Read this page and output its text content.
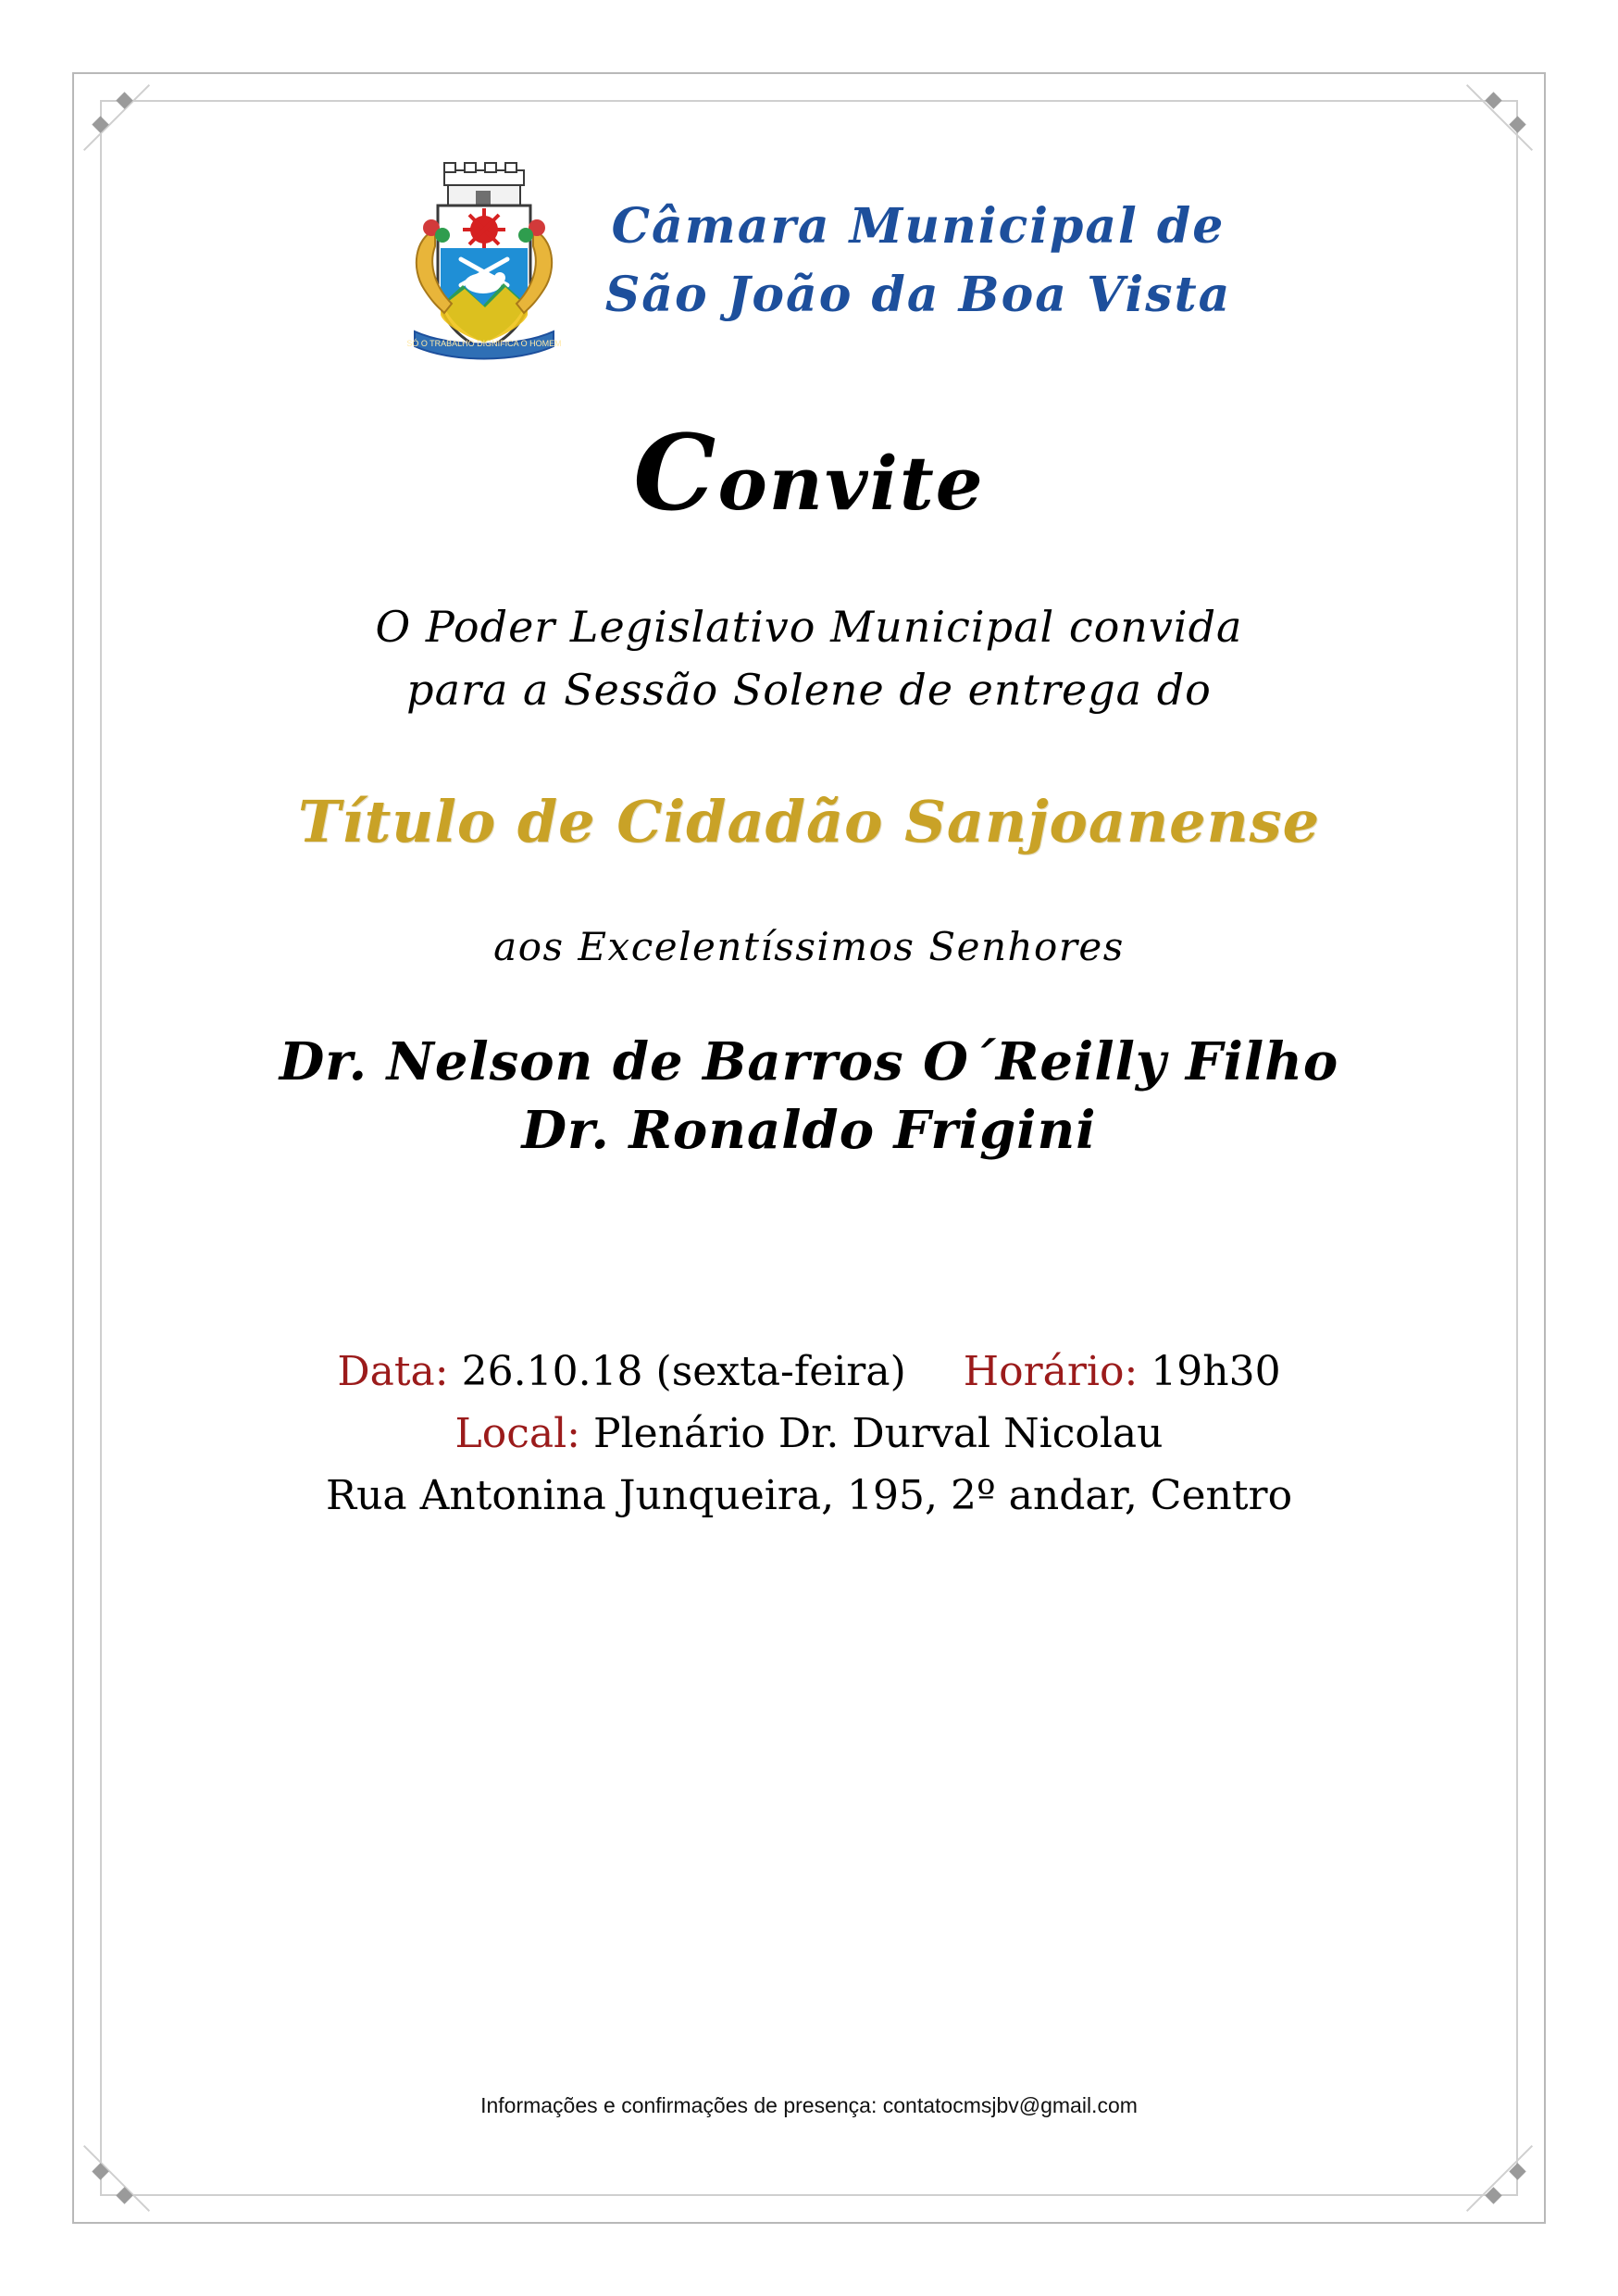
SÓ O TRABALHO DIGNIFICA O HOMEM
Câmara Municipal de
São João da Boa Vista
Convite
O Poder Legislativo Municipal convida
para a Sessão Solene de entrega do
Título de Cidadão Sanjoanense
aos Excelentíssimos Senhores
Dr. Nelson de Barros O´Reilly Filho
Dr. Ronaldo Frigini
Data: 26.10.18 (sexta-feira) Horário: 19h30
Local: Plenário Dr. Durval Nicolau
Rua Antonina Junqueira, 195, 2º andar, Centro
Informações e confirmações de presença: contatocmsjbv@gmail.com
